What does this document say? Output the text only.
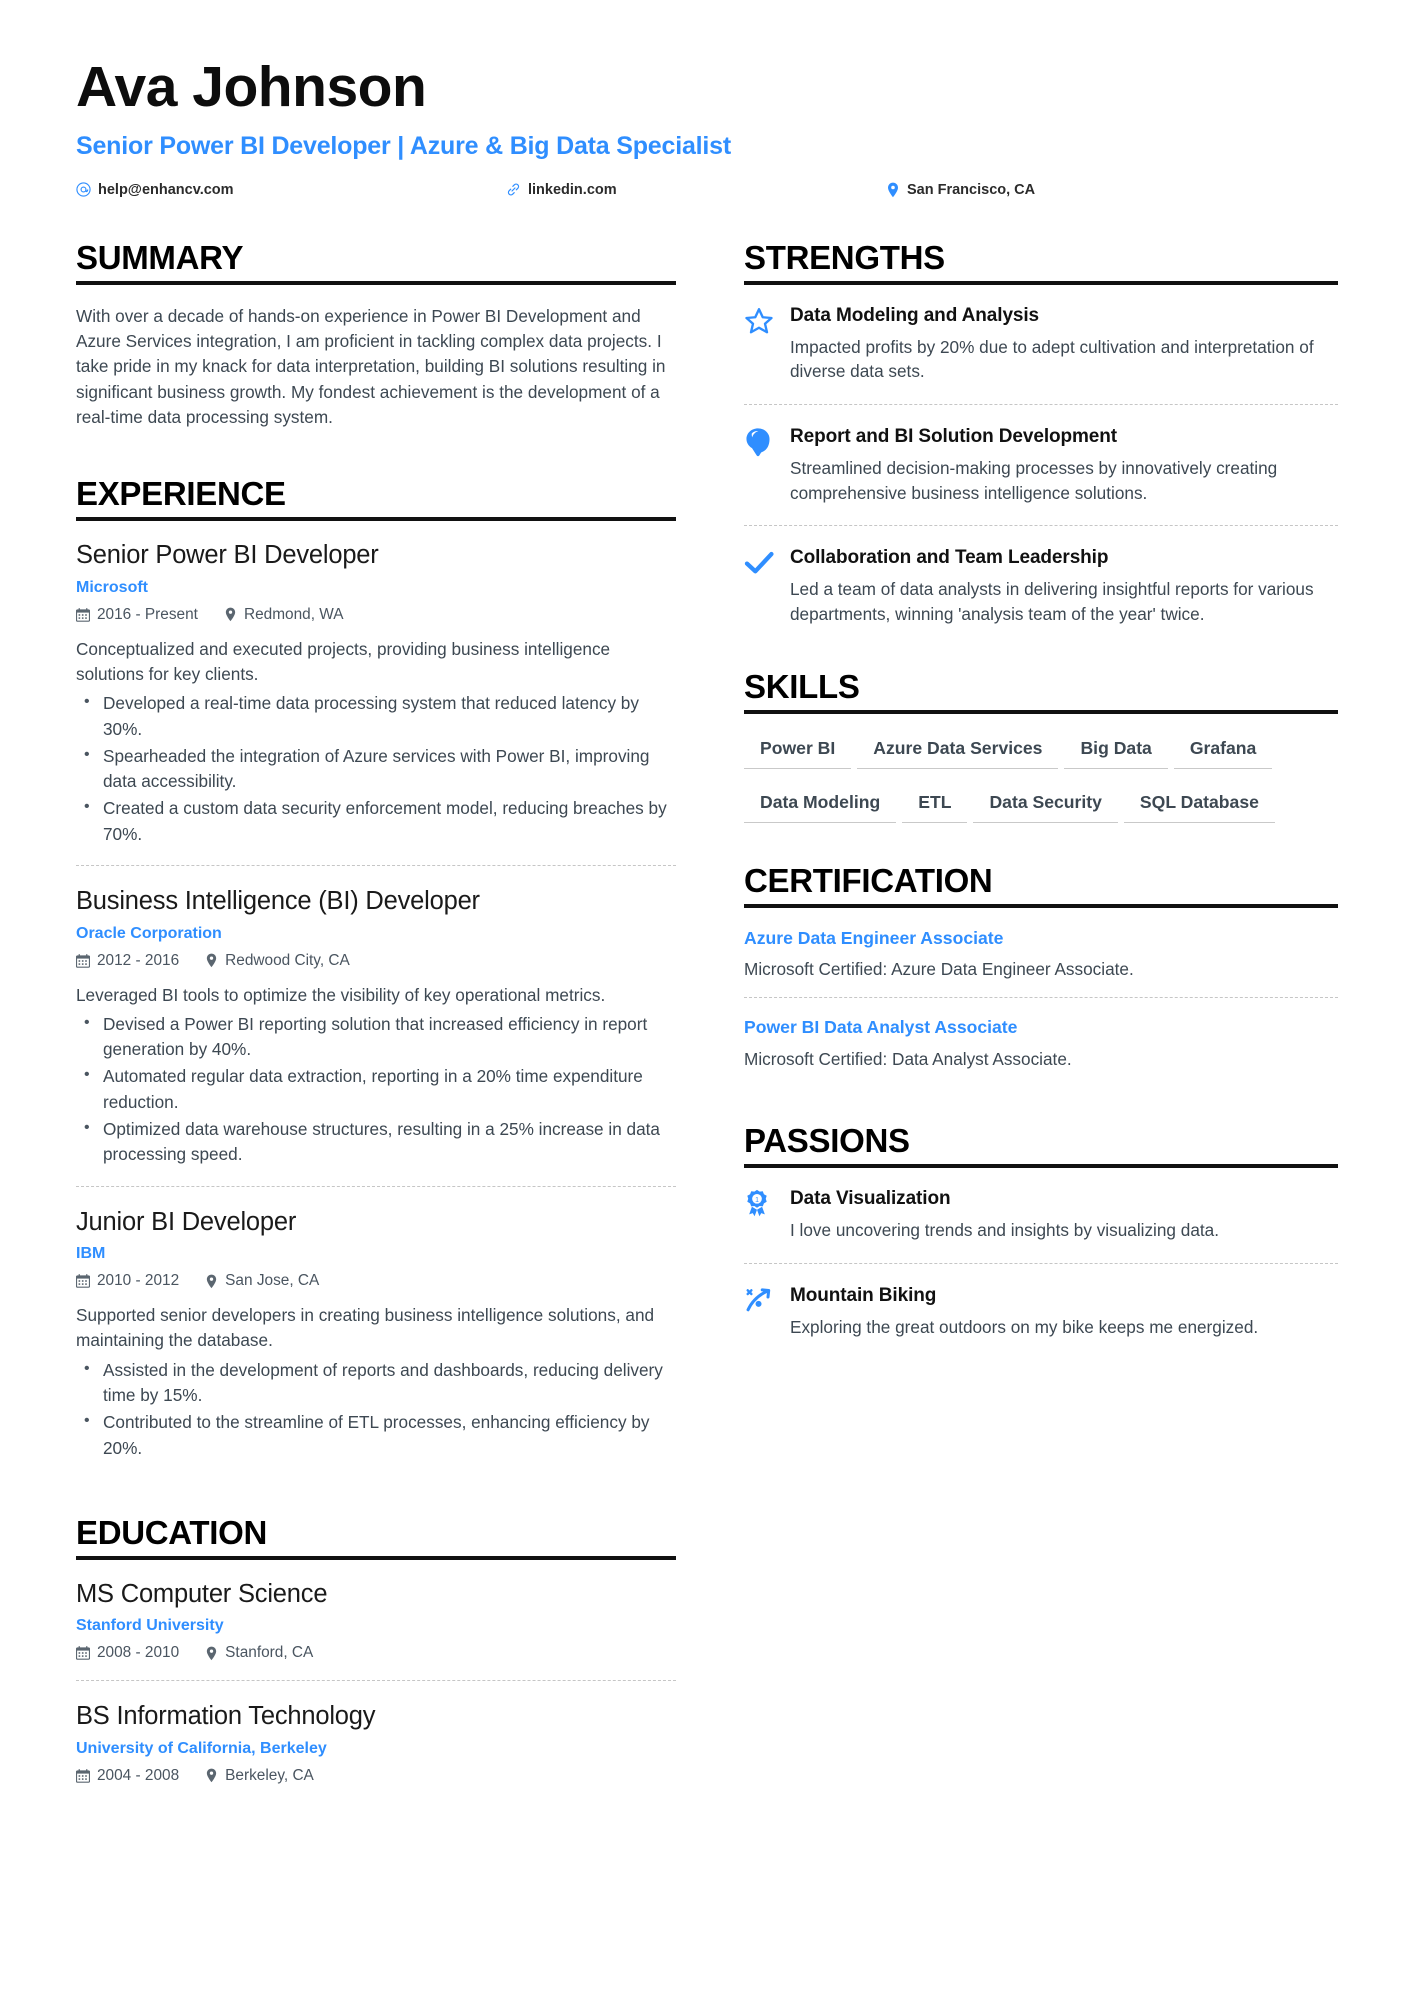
Ava Johnson
Senior Power BI Developer | Azure & Big Data Specialist
help@enhancv.com	linkedin.com	San Francisco, CA
SUMMARY
With over a decade of hands-on experience in Power BI Development and Azure Services integration, I am proficient in tackling complex data projects. I take pride in my knack for data interpretation, building BI solutions resulting in significant business growth. My fondest achievement is the development of a real-time data processing system.
EXPERIENCE
Senior Power BI Developer
Microsoft
2016 - Present	Redmond, WA
Conceptualized and executed projects, providing business intelligence solutions for key clients.
• Developed a real-time data processing system that reduced latency by 30%.
• Spearheaded the integration of Azure services with Power BI, improving data accessibility.
• Created a custom data security enforcement model, reducing breaches by 70%.
Business Intelligence (BI) Developer
Oracle Corporation
2012 - 2016	Redwood City, CA
Leveraged BI tools to optimize the visibility of key operational metrics.
• Devised a Power BI reporting solution that increased efficiency in report generation by 40%.
• Automated regular data extraction, reporting in a 20% time expenditure reduction.
• Optimized data warehouse structures, resulting in a 25% increase in data processing speed.
Junior BI Developer
IBM
2010 - 2012	San Jose, CA
Supported senior developers in creating business intelligence solutions, and maintaining the database.
• Assisted in the development of reports and dashboards, reducing delivery time by 15%.
• Contributed to the streamline of ETL processes, enhancing efficiency by 20%.
EDUCATION
MS Computer Science
Stanford University
2008 - 2010	Stanford, CA
BS Information Technology
University of California, Berkeley
2004 - 2008	Berkeley, CA
STRENGTHS
Data Modeling and Analysis
Impacted profits by 20% due to adept cultivation and interpretation of diverse data sets.
Report and BI Solution Development
Streamlined decision-making processes by innovatively creating comprehensive business intelligence solutions.
Collaboration and Team Leadership
Led a team of data analysts in delivering insightful reports for various departments, winning 'analysis team of the year' twice.
SKILLS
Power BI	Azure Data Services	Big Data	Grafana
Data Modeling	ETL	Data Security	SQL Database
CERTIFICATION
Azure Data Engineer Associate
Microsoft Certified: Azure Data Engineer Associate.
Power BI Data Analyst Associate
Microsoft Certified: Data Analyst Associate.
PASSIONS
1 Data Visualization
I love uncovering trends and insights by visualizing data.
Mountain Biking
Exploring the great outdoors on my bike keeps me energized.
